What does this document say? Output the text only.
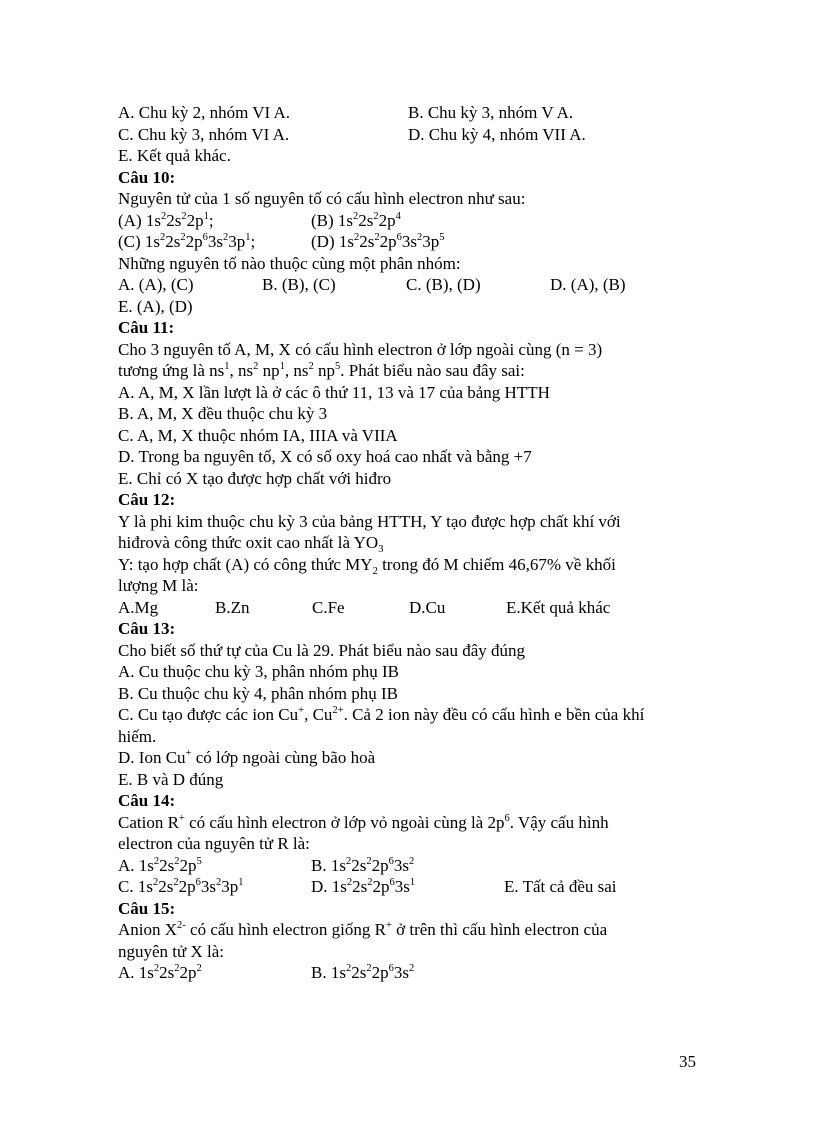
A. Chu kỳ 2, nhóm VI A.	B. Chu kỳ 3, nhóm V A.
C. Chu kỳ 3, nhóm VI A.	D. Chu kỳ 4, nhóm VII A.
E. Kết quả khác.
Câu 10:
Nguyên tử của 1 số nguyên tố có cấu hình electron như sau:
(A) $1s^22s^22p^1$;	(B) $1s^22s^22p^4$
(C) $1s^22s^22p^63s^23p^1$;	(D) $1s^22s^22p^63s^23p^5$
Những nguyên tố nào thuộc cùng một phân nhóm:
A. (A), (C)	B. (B), (C)	C. (B), (D)	D. (A), (B)
E. (A), (D)
Câu 11:
Cho 3 nguyên tố A, M, X có cấu hình electron ở lớp ngoài cùng (n = 3)
tương ứng là $ns^1$, $ns^2$ $np^1$, $ns^2$ $np^5$. Phát biểu nào sau đây sai:
A. A, M, X lần lượt là ở các ô thứ 11, 13 và 17 của bảng HTTH
B. A, M, X đều thuộc chu kỳ 3
C. A, M, X thuộc nhóm IA, IIIA và VIIA
D. Trong ba nguyên tố, X có số oxy hoá cao nhất và bằng +7
E. Chỉ có X tạo được hợp chất với hiđro
Câu 12:
Y là phi kim thuộc chu kỳ 3 của bảng HTTH, Y tạo được hợp chất khí với
hiđrovà công thức oxit cao nhất là $YO_3$
Y: tạo hợp chất (A) có công thức $MY_2$ trong đó M chiếm 46,67% về khối
lượng M là:
A.Mg	B.Zn	C.Fe	D.Cu	E.Kết quả khác
Câu 13:
Cho biết số thứ tự của Cu là 29. Phát biểu nào sau đây đúng
A. Cu thuộc chu kỳ 3, phân nhóm phụ IB
B. Cu thuộc chu kỳ 4, phân nhóm phụ IB
C. Cu tạo được các ion Cu+, $Cu^{2+}$. Cả 2 ion này đều có cấu hình e bền của khí
hiếm.
D. Ion Cu+ có lớp ngoài cùng bão hoà
E. B và D đúng
Câu 14:
Cation R+ có cấu hình electron ở lớp vỏ ngoài cùng là $2p^6$. Vậy cấu hình
electron của nguyên tử R là:
A. $1s^22s^22p^5$	B. $1s^22s^22p^63s^2$
C. $1s^22s^22p^63s^23p^1$	D. $1s^22s^22p^63s^1$	E. Tất cả đều sai
Câu 15:
Anion $X^{2-}$ có cấu hình electron giống R+ ở trên thì cấu hình electron của
nguyên tử X là:
A. $1s^22s^22p^2$	B. $1s^22s^22p^63s^2$
35
